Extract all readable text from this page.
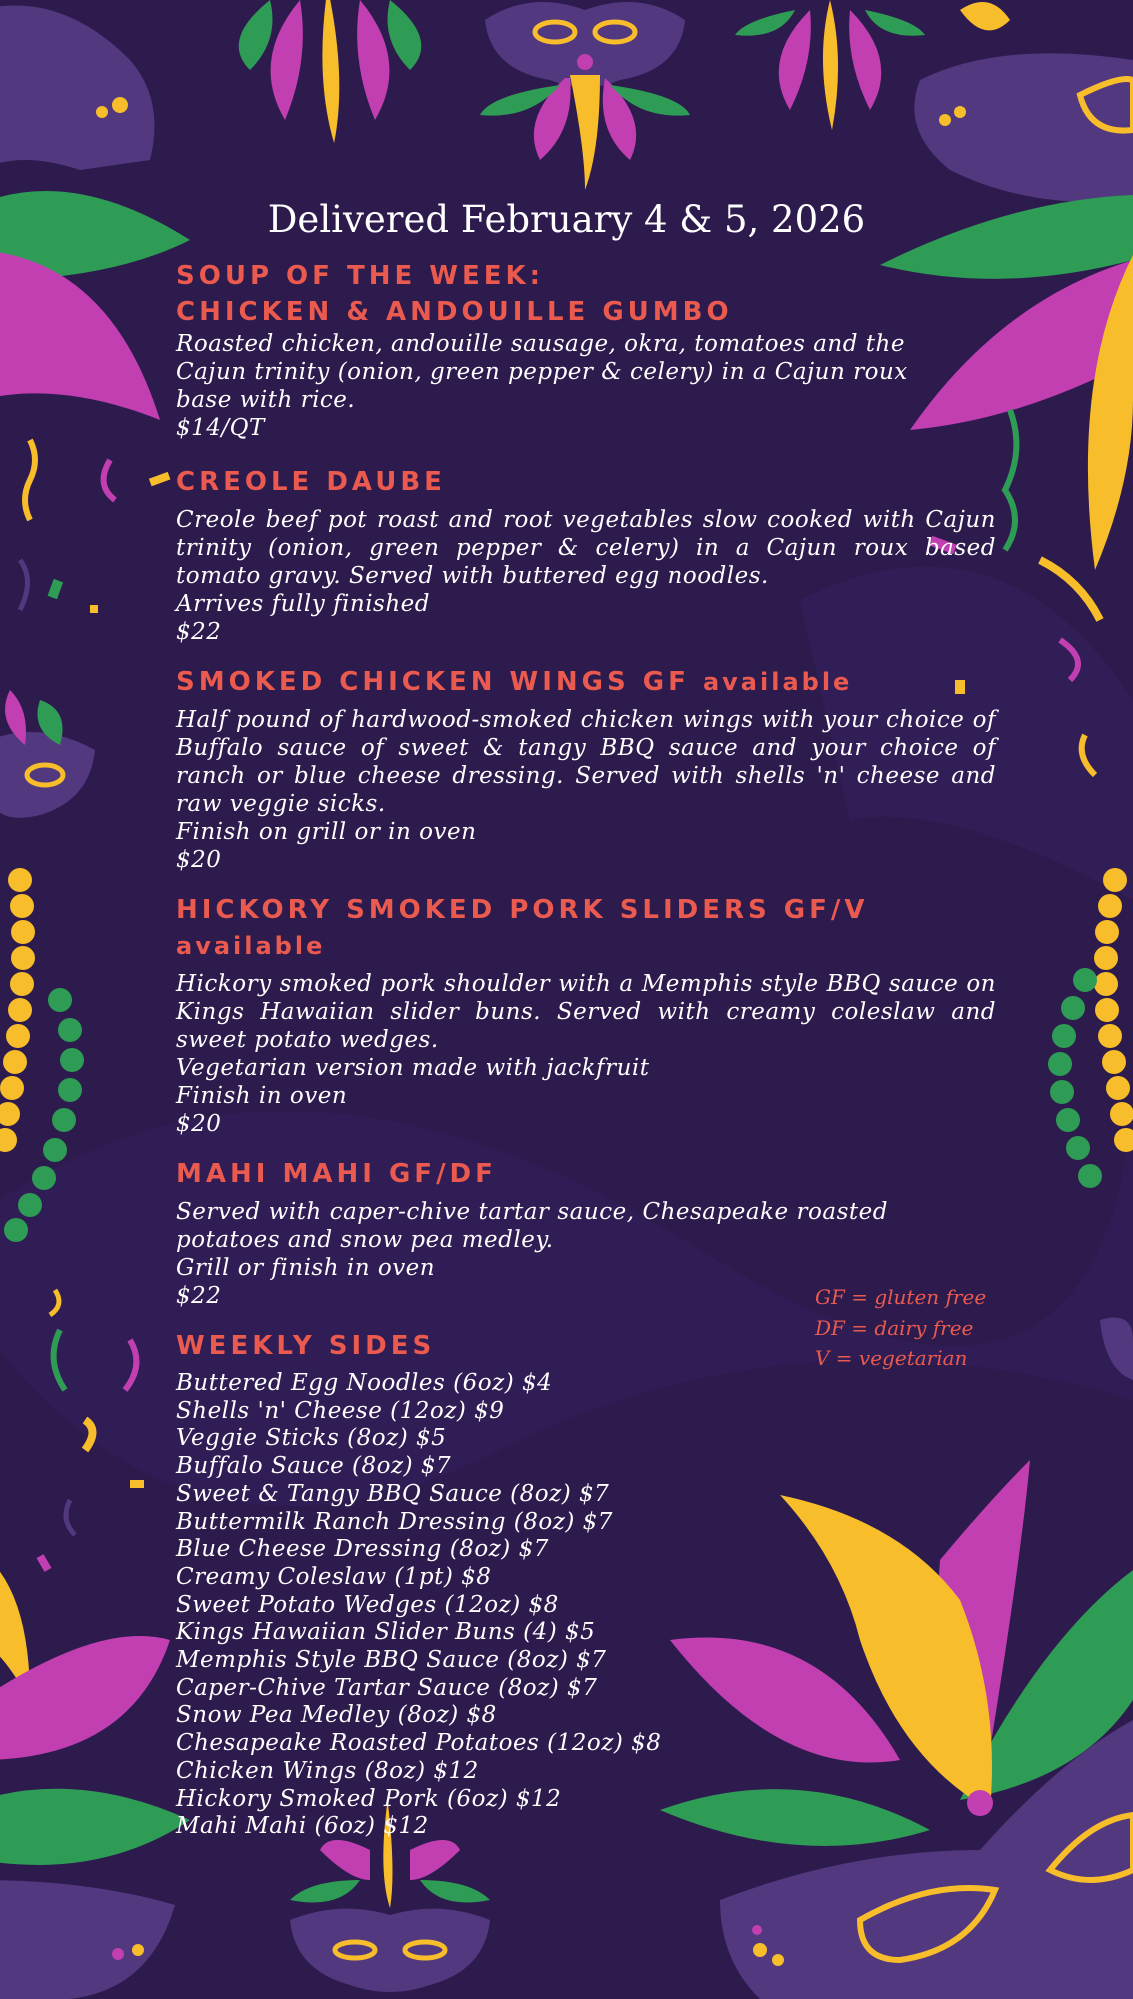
Delivered February 4 & 5, 2026

SOUP OF THE WEEK:

CHICKEN & ANDOUILLE GUMBO

Roasted chicken, andouille sausage, okra, tomatoes and the Cajun trinity (onion, green pepper & celery) in a Cajun roux base with rice.

$14/QT

CREOLE DAUBE

Creole beef pot roast and root vegetables slow cooked with Cajun trinity (onion, green pepper & celery) in a Cajun roux based tomato gravy. Served with buttered egg noodles.

Arrives fully finished

$22

SMOKED CHICKEN WINGS GF available

Half pound of hardwood-smoked chicken wings with your choice of Buffalo sauce of sweet & tangy BBQ sauce and your choice of ranch or blue cheese dressing. Served with shells 'n' cheese and raw veggie sicks.

Finish on grill or in oven

$20

HICKORY SMOKED PORK SLIDERS GF/V available

Hickory smoked pork shoulder with a Memphis style BBQ sauce on Kings Hawaiian slider buns. Served with creamy coleslaw and sweet potato wedges.

Vegetarian version made with jackfruit

Finish in oven

$20

MAHI MAHI GF/DF

Served with caper-chive tartar sauce, Chesapeake roasted potatoes and snow pea medley.

Grill or finish in oven

$22

WEEKLY SIDES

Buttered Egg Noodles (6oz) $4

Shells 'n' Cheese (12oz) $9

Veggie Sticks (8oz) $5

Buffalo Sauce (8oz) $7

Sweet & Tangy BBQ Sauce (8oz) $7

Buttermilk Ranch Dressing (8oz) $7

Blue Cheese Dressing (8oz) $7

Creamy Coleslaw (1pt) $8

Sweet Potato Wedges (12oz) $8

Kings Hawaiian Slider Buns (4) $5

Memphis Style BBQ Sauce (8oz) $7

Caper-Chive Tartar Sauce (8oz) $7

Snow Pea Medley (8oz) $8

Chesapeake Roasted Potatoes (12oz) $8

Chicken Wings (8oz) $12

Hickory Smoked Pork (6oz) $12

Mahi Mahi (6oz) $12

GF = gluten free
DF = dairy free
V = vegetarian
